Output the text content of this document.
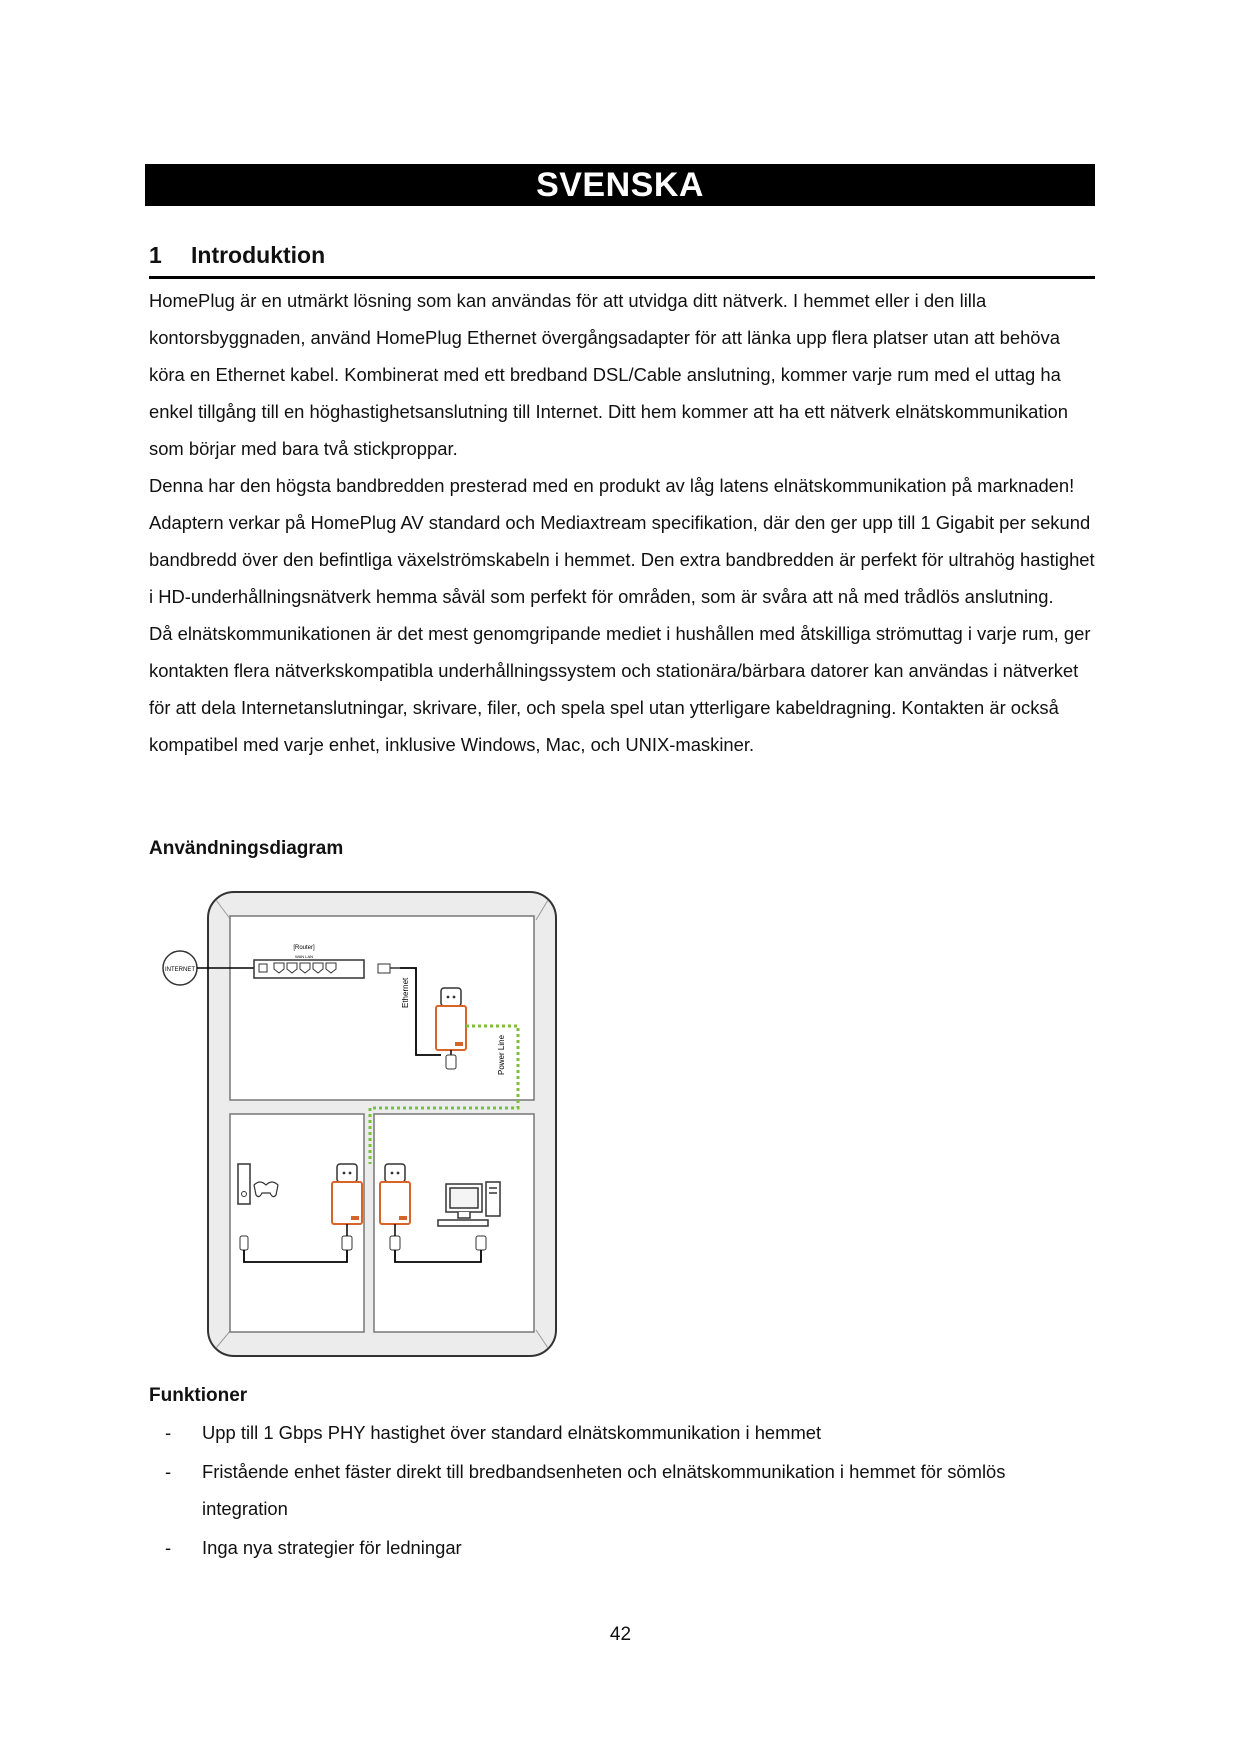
SVENSKA
1 Introduktion

HomePlug är en utmärkt lösning som kan användas för att utvidga ditt nätverk. I hemmet eller i den lilla kontorsbyggnaden, använd HomePlug Ethernet övergångsadapter för att länka upp flera platser utan att behöva köra en Ethernet kabel. Kombinerat med ett bredband DSL/Cable anslutning, kommer varje rum med el uttag ha enkel tillgång till en höghastighetsanslutning till Internet. Ditt hem kommer att ha ett nätverk elnätskommunikation som börjar med bara två stickproppar.

Denna har den högsta bandbredden presterad med en produkt av låg latens elnätskommunikation på marknaden! Adaptern verkar på HomePlug AV standard och Mediaxtream specifikation, där den ger upp till 1 Gigabit per sekund bandbredd över den befintliga växelströmskabeln i hemmet. Den extra bandbredden är perfekt för ultrahög hastighet i HD-underhållningsnätverk hemma såväl som perfekt för områden, som är svåra att nå med trådlös anslutning.

Då elnätskommunikationen är det mest genomgripande mediet i hushållen med åtskilliga strömuttag i varje rum, ger kontakten flera nätverkskompatibla underhållningssystem och stationära/bärbara datorer kan användas i nätverket för att dela Internetanslutningar, skrivare, filer, och spela spel utan ytterligare kabeldragning. Kontakten är också kompatibel med varje enhet, inklusive Windows, Mac, och UNIX-maskiner.

Användningsdiagram
INTERNET
[Router]
WAN LAN
Ethernet
Power Line
Funktioner
- Upp till 1 Gbps PHY hastighet över standard elnätskommunikation i hemmet
- Fristående enhet fäster direkt till bredbandsenheten och elnätskommunikation i hemmet för sömlös integration
- Inga nya strategier för ledningar
42
